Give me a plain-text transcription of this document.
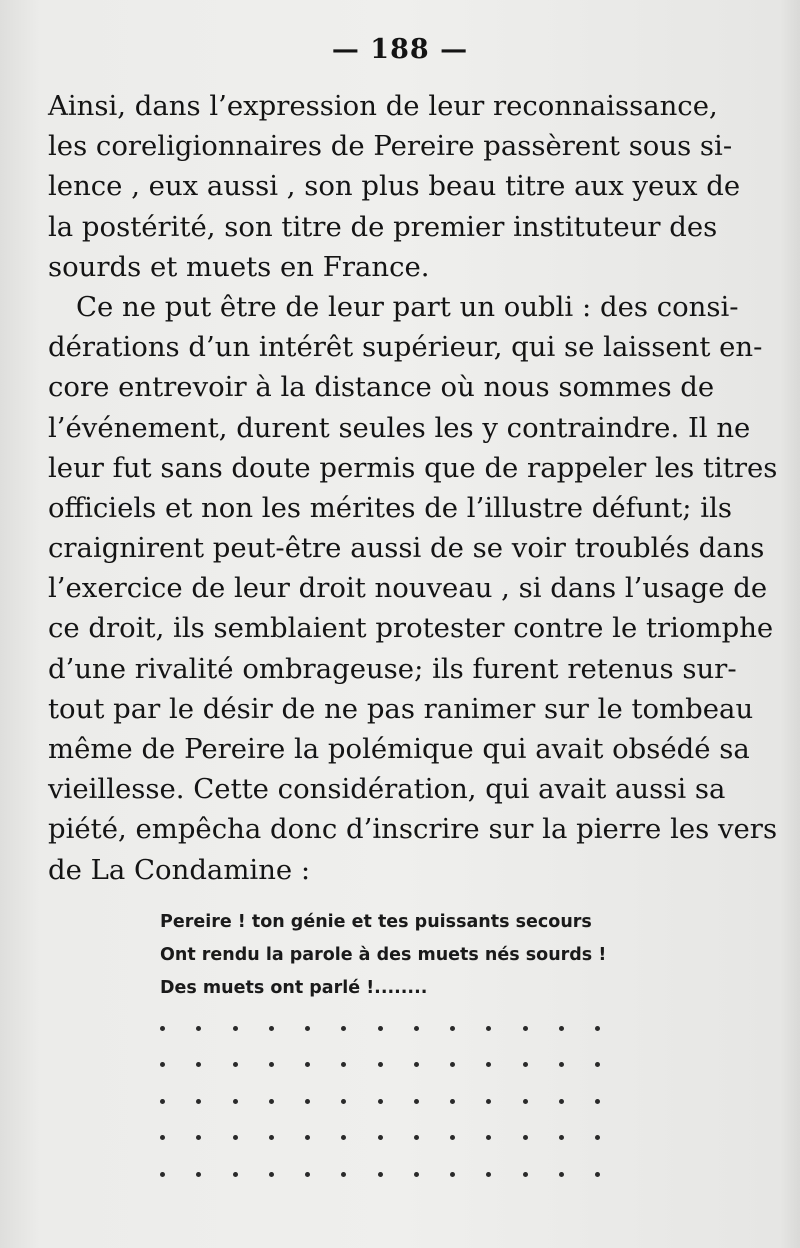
— 188 —
Ainsi, dans l’expression de leur reconnaissance,
les coreligionnaires de Pereire passèrent sous si-
lence , eux aussi , son plus beau titre aux yeux de
la postérité, son titre de premier instituteur des
sourds et muets en France.
Ce ne put être de leur part un oubli : des consi-
dérations d’un intérêt supérieur, qui se laissent en-
core entrevoir à la distance où nous sommes de
l’événement, durent seules les y contraindre. Il ne
leur fut sans doute permis que de rappeler les titres
officiels et non les mérites de l’illustre défunt; ils
craignirent peut-être aussi de se voir troublés dans
l’exercice de leur droit nouveau , si dans l’usage de
ce droit, ils semblaient protester contre le triomphe
d’une rivalité ombrageuse; ils furent retenus sur-
tout par le désir de ne pas ranimer sur le tombeau
même de Pereire la polémique qui avait obsédé sa
vieillesse. Cette considération, qui avait aussi sa
piété, empêcha donc d’inscrire sur la pierre les vers
de La Condamine :
Pereire ! ton génie et tes puissants secours
Ont rendu la parole à des muets nés sourds !
Des muets ont parlé !........
